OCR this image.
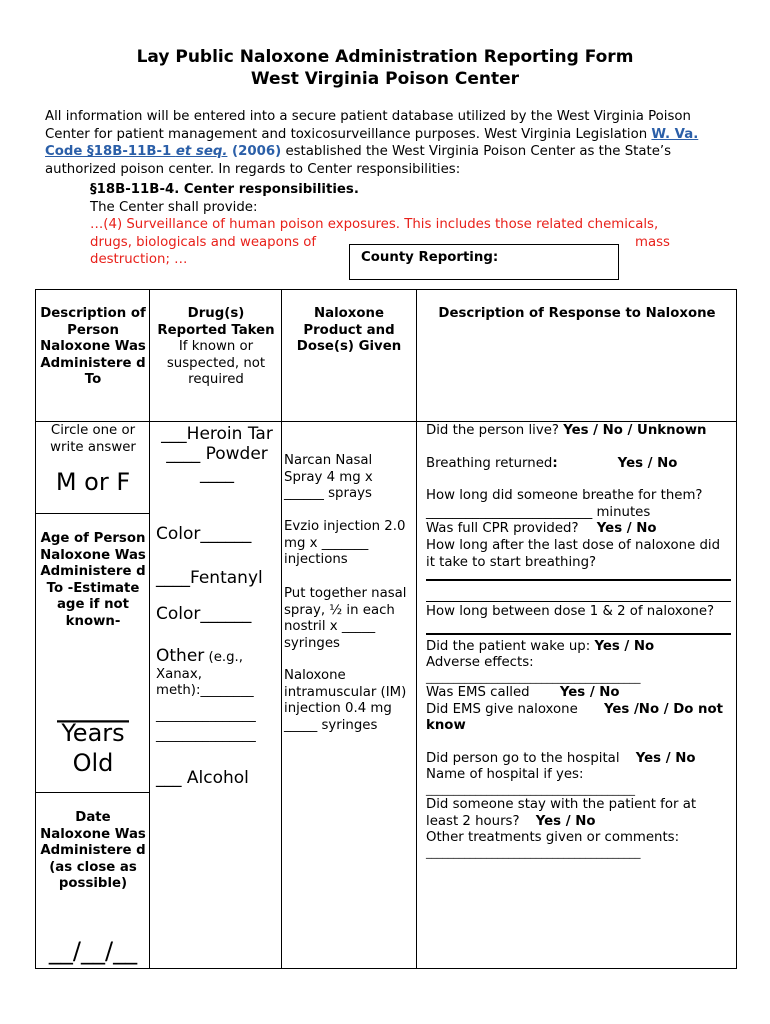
Lay Public Naloxone Administration Reporting Form
West Virginia Poison Center
All information will be entered into a secure patient database utilized by the West Virginia Poison Center for patient management and toxicosurveillance purposes. West Virginia Legislation W. Va. Code §18B-11B-1 et seq. (2006) established the West Virginia Poison Center as the State’s authorized poison center. In regards to Center responsibilities:
§18B-11B-4. Center responsibilities.
The Center shall provide:
…(4) Surveillance of human poison exposures. This includes those related chemicals,
drugs, biologicals and weapons of
destruction; …
mass
County Reporting:
Description of Person Naloxone Was Administere d To
Drug(s) Reported Taken
If known or suspected, not required
Naloxone Product and Dose(s) Given
Description of Response to Naloxone
Circle one or write answer
M or F
Age of Person Naloxone Was Administere d To -Estimate age if not known-
______
Years Old
Date Naloxone Was Administere d (as close as possible)
__/__/__
___Heroin Tar ____ Powder ____
Color______
____Fentanyl
Color______
Other (e.g., Xanax, meth):________
_______________
_______________
___ Alcohol
Narcan Nasal Spray 4 mg x ______ sprays
Evzio injection 2.0 mg x _______ injections
Put together nasal spray, ½ in each nostril x _____ syringes
Naloxone intramuscular (IM) injection 0.4 mg _____ syringes

Did the person live? Yes / No / Unknown

Breathing returned:	Yes / No

How long did someone breathe for them?

_________________________ minutes

Was full CPR provided? Yes / No

How long after the last dose of naloxone did it take to start breathing?

How long between dose 1 & 2 of naloxone?

Did the patient wake up: Yes / No

Adverse effects:

_______________________________________

Was EMS called Yes / No

Did EMS give naloxone Yes /No / Do not know

Did person go to the hospital Yes / No

Name of hospital if yes:

______________________________________

Did someone stay with the patient for at least 2 hours? Yes / No

Other treatments given or comments:

_______________________________________
